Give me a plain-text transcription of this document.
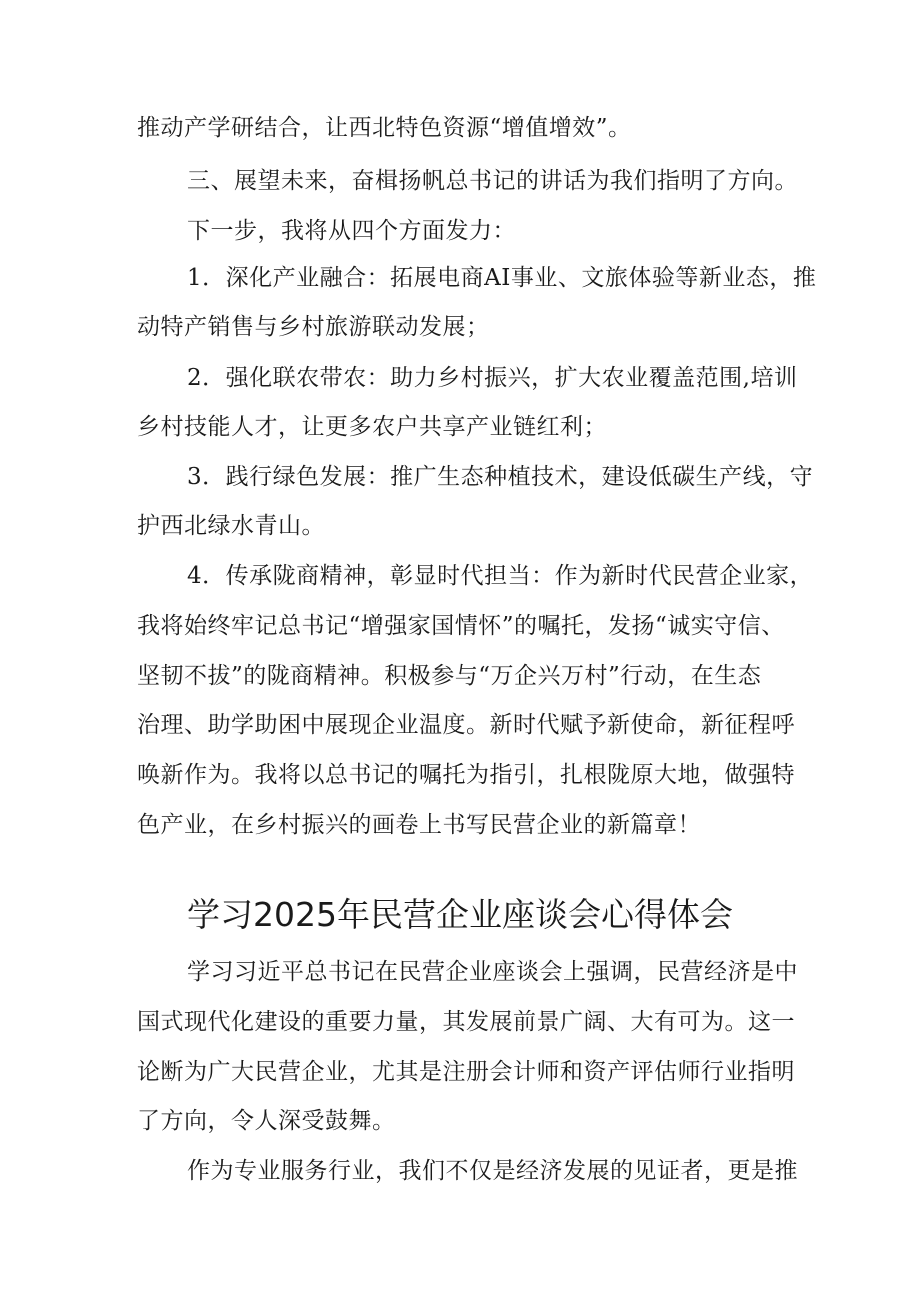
推动产学研结合，让西北特色资源“增值增效”。
三、展望未来，奋楫扬帆总书记的讲话为我们指明了方向。
下一步，我将从四个方面发力：
1．深化产业融合：拓展电商AI事业、文旅体验等新业态，推
动特产销售与乡村旅游联动发展；
2．强化联农带农：助力乡村振兴，扩大农业覆盖范围,培训
乡村技能人才，让更多农户共享产业链红利；
3．践行绿色发展：推广生态种植技术，建设低碳生产线，守
护西北绿水青山。
4．传承陇商精神，彰显时代担当：作为新时代民营企业家，
我将始终牢记总书记“增强家国情怀”的嘱托，发扬“诚实守信、
坚韧不拔”的陇商精神。积极参与“万企兴万村”行动，在生态
治理、助学助困中展现企业温度。新时代赋予新使命，新征程呼
唤新作为。我将以总书记的嘱托为指引，扎根陇原大地，做强特
色产业，在乡村振兴的画卷上书写民营企业的新篇章！
学习2025年民营企业座谈会心得体会
学习习近平总书记在民营企业座谈会上强调，民营经济是中
国式现代化建设的重要力量，其发展前景广阔、大有可为。这一
论断为广大民营企业，尤其是注册会计师和资产评估师行业指明
了方向，令人深受鼓舞。
作为专业服务行业，我们不仅是经济发展的见证者，更是推
